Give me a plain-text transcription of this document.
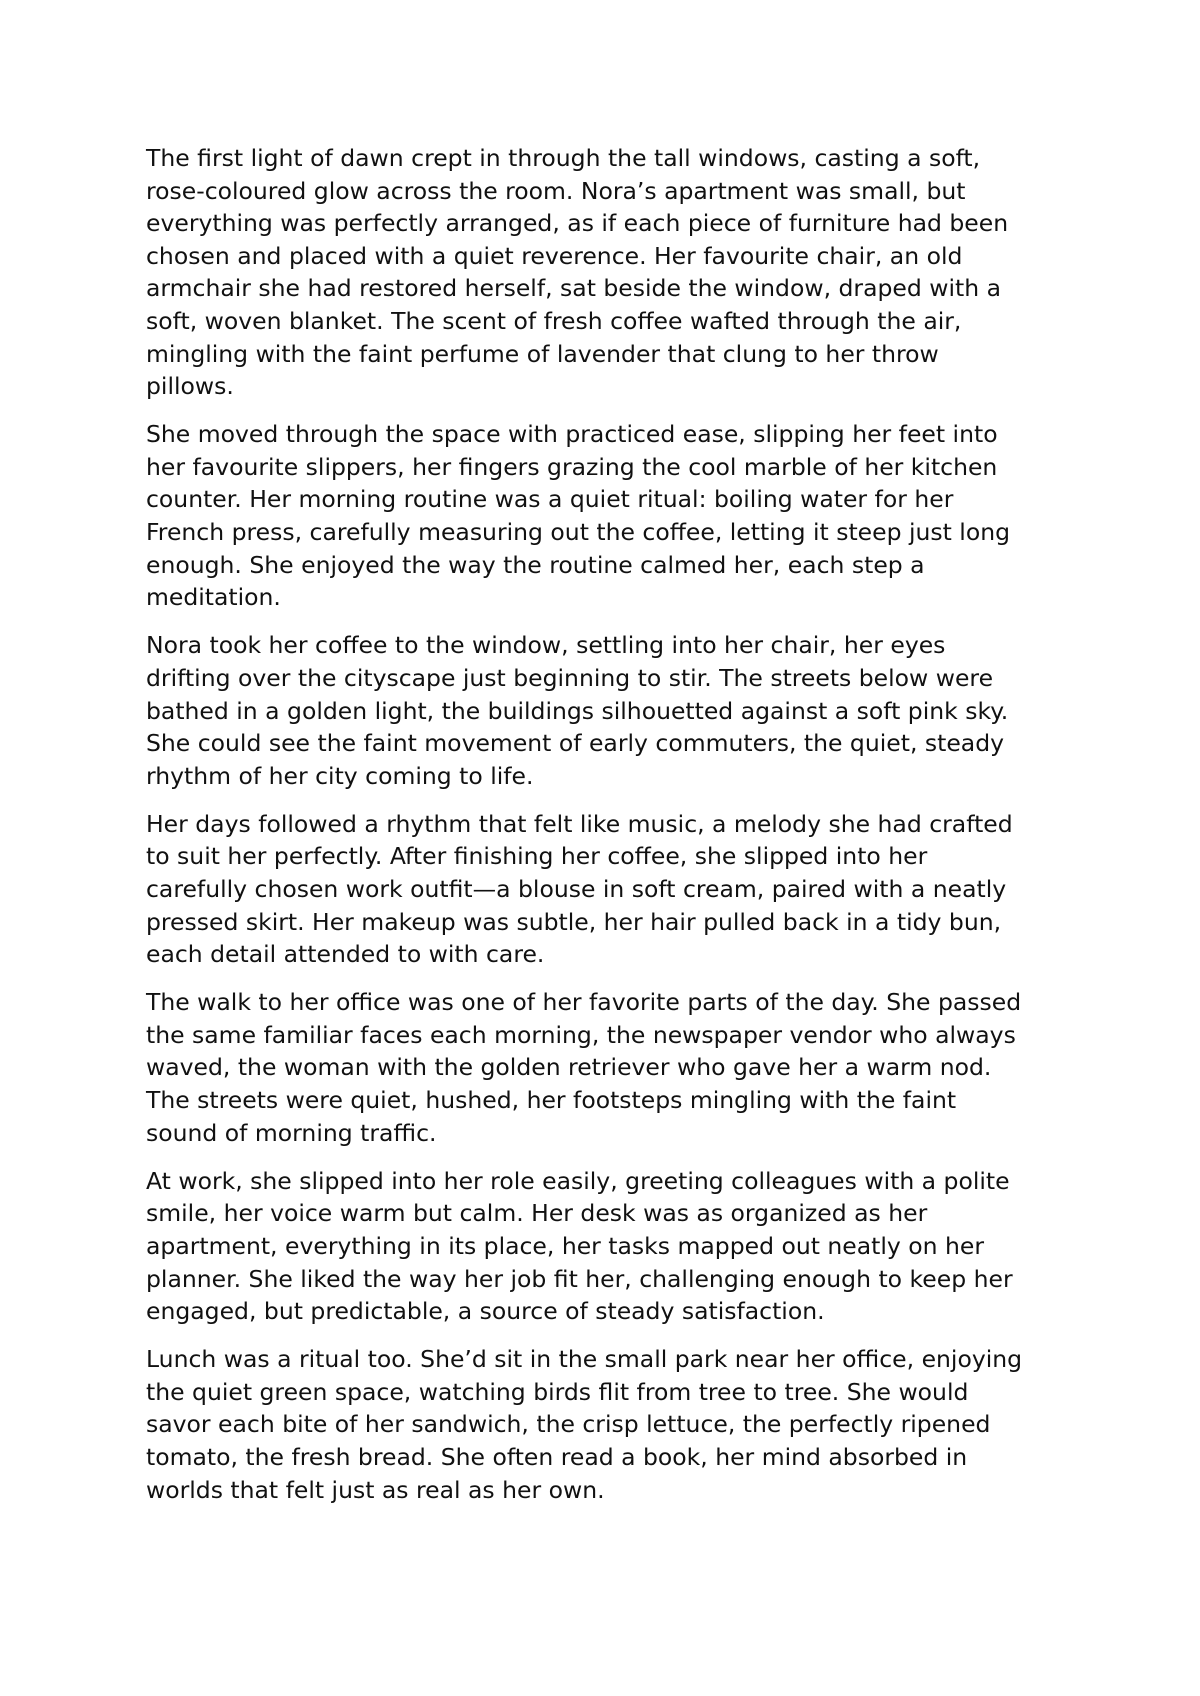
The first light of dawn crept in through the tall windows, casting a soft,
rose-coloured glow across the room. Nora’s apartment was small, but
everything was perfectly arranged, as if each piece of furniture had been
chosen and placed with a quiet reverence. Her favourite chair, an old
armchair she had restored herself, sat beside the window, draped with a
soft, woven blanket. The scent of fresh coffee wafted through the air,
mingling with the faint perfume of lavender that clung to her throw
pillows.

She moved through the space with practiced ease, slipping her feet into
her favourite slippers, her fingers grazing the cool marble of her kitchen
counter. Her morning routine was a quiet ritual: boiling water for her
French press, carefully measuring out the coffee, letting it steep just long
enough. She enjoyed the way the routine calmed her, each step a
meditation.

Nora took her coffee to the window, settling into her chair, her eyes
drifting over the cityscape just beginning to stir. The streets below were
bathed in a golden light, the buildings silhouetted against a soft pink sky.
She could see the faint movement of early commuters, the quiet, steady
rhythm of her city coming to life.

Her days followed a rhythm that felt like music, a melody she had crafted
to suit her perfectly. After finishing her coffee, she slipped into her
carefully chosen work outfit—a blouse in soft cream, paired with a neatly
pressed skirt. Her makeup was subtle, her hair pulled back in a tidy bun,
each detail attended to with care.

The walk to her office was one of her favorite parts of the day. She passed
the same familiar faces each morning, the newspaper vendor who always
waved, the woman with the golden retriever who gave her a warm nod.
The streets were quiet, hushed, her footsteps mingling with the faint
sound of morning traffic.

At work, she slipped into her role easily, greeting colleagues with a polite
smile, her voice warm but calm. Her desk was as organized as her
apartment, everything in its place, her tasks mapped out neatly on her
planner. She liked the way her job fit her, challenging enough to keep her
engaged, but predictable, a source of steady satisfaction.

Lunch was a ritual too. She’d sit in the small park near her office, enjoying
the quiet green space, watching birds flit from tree to tree. She would
savor each bite of her sandwich, the crisp lettuce, the perfectly ripened
tomato, the fresh bread. She often read a book, her mind absorbed in
worlds that felt just as real as her own.
